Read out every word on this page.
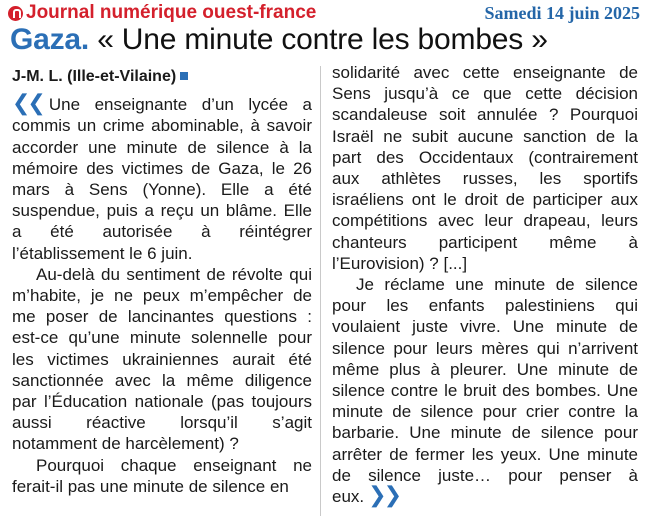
Journal numérique ouest-france	Samedi 14 juin 2025
Gaza. « Une minute contre les bombes »
J-M. L. (Ille-et-Vilaine)

❮❮ Une enseignante d’un lycée a commis un crime abominable, à savoir accorder une minute de silence à la mémoire des victimes de Gaza, le 26 mars à Sens (Yonne). Elle a été suspendue, puis a reçu un blâme. Elle a été autorisée à réintégrer l’établissement le 6 juin.

Au-delà du sentiment de révolte qui m’habite, je ne peux m’empêcher de me poser de lancinantes questions : est-ce qu’une minute solennelle pour les victimes ukrainiennes aurait été sanctionnée avec la même diligence par l’Éducation nationale (pas toujours aussi réactive lorsqu’il s’agit notamment de harcèlement) ?

Pourquoi chaque enseignant ne ferait-il pas une minute de silence en

solidarité avec cette enseignante de Sens jusqu’à ce que cette décision scandaleuse soit annulée ? Pourquoi Israël ne subit aucune sanction de la part des Occidentaux (contrairement aux athlètes russes, les sportifs israéliens ont le droit de participer aux compétitions avec leur drapeau, leurs chanteurs participent même à l’Eurovision) ? [...]

Je réclame une minute de silence pour les enfants palestiniens qui voulaient juste vivre. Une minute de silence pour leurs mères qui n’arrivent même plus à pleurer. Une minute de silence contre le bruit des bombes. Une minute de silence pour crier contre la barbarie. Une minute de silence pour arrêter de fermer les yeux. Une minute de silence juste… pour penser à eux. ❯❯
